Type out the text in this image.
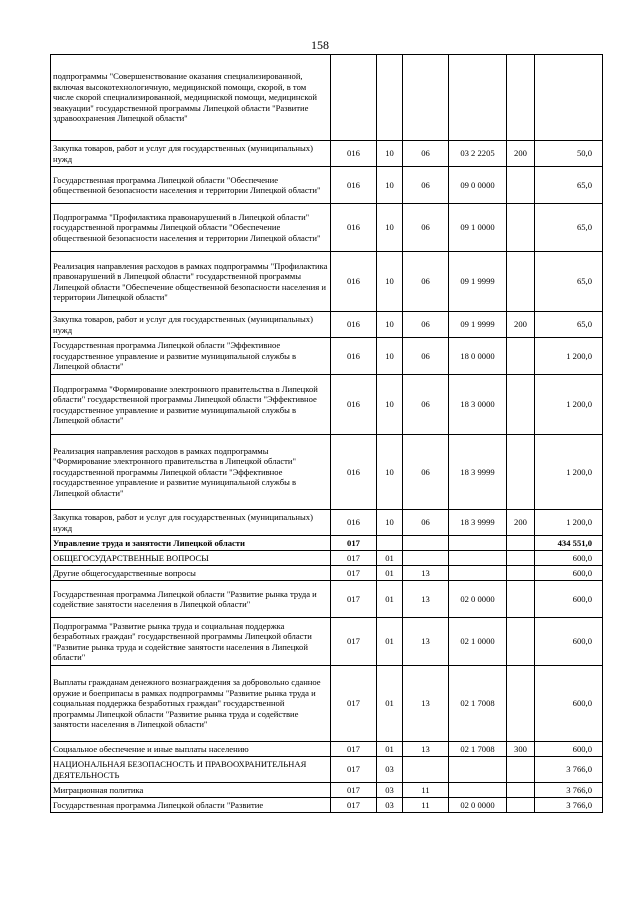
158
подпрограммы "Совершенствование оказания специализированной, включая высокотехнологичную, медицинской помощи, скорой, в том числе скорой специализированной, медицинской помощи, медицинской эвакуации" государственной программы Липецкой области "Развитие здравоохранения Липецкой области"						
Закупка товаров, работ и услуг для государственных (муниципальных) нужд	016	10	06	03 2 2205	200	50,0
Государственная программа Липецкой области "Обеспечение общественной безопасности населения и территории Липецкой области"	016	10	06	09 0 0000		65,0
Подпрограмма "Профилактика правонарушений в Липецкой области" государственной программы Липецкой области "Обеспечение общественной безопасности населения и территории Липецкой области"	016	10	06	09 1 0000		65,0
Реализация направления расходов в рамках подпрограммы "Профилактика правонарушений в Липецкой области" государственной программы Липецкой области "Обеспечение общественной безопасности населения и территории Липецкой области"	016	10	06	09 1 9999		65,0
Закупка товаров, работ и услуг для государственных (муниципальных) нужд	016	10	06	09 1 9999	200	65,0
Государственная программа Липецкой области "Эффективное государственное управление и развитие муниципальной службы в Липецкой области"	016	10	06	18 0 0000		1 200,0
Подпрограмма "Формирование электронного правительства в Липецкой области" государственной программы Липецкой области "Эффективное государственное управление и развитие муниципальной службы в Липецкой области"	016	10	06	18 3 0000		1 200,0
Реализация направления расходов в рамках подпрограммы "Формирование электронного правительства в Липецкой области" государственной программы Липецкой области "Эффективное государственное управление и развитие муниципальной службы в Липецкой области"	016	10	06	18 3 9999		1 200,0
Закупка товаров, работ и услуг для государственных (муниципальных) нужд	016	10	06	18 3 9999	200	1 200,0
Управление труда и занятости Липецкой области	017					434 551,0
ОБЩЕГОСУДАРСТВЕННЫЕ ВОПРОСЫ	017	01				600,0
Другие общегосударственные вопросы	017	01	13			600,0
Государственная программа Липецкой области "Развитие рынка труда и содействие занятости населения в Липецкой области"	017	01	13	02 0 0000		600,0
Подпрограмма "Развитие рынка труда и социальная поддержка безработных граждан" государственной программы Липецкой области "Развитие рынка труда и содействие занятости населения в Липецкой области"	017	01	13	02 1 0000		600,0
Выплаты гражданам денежного вознаграждения за добровольно сданное оружие и боеприпасы в рамках подпрограммы "Развитие рынка труда и социальная поддержка безработных граждан" государственной программы Липецкой области "Развитие рынка труда и содействие занятости населения в Липецкой области"	017	01	13	02 1 7008		600,0
Социальное обеспечение и иные выплаты населению	017	01	13	02 1 7008	300	600,0
НАЦИОНАЛЬНАЯ БЕЗОПАСНОСТЬ И ПРАВООХРАНИТЕЛЬНАЯ ДЕЯТЕЛЬНОСТЬ	017	03				3 766,0
Миграционная политика	017	03	11			3 766,0
Государственная программа Липецкой области "Развитие	017	03	11	02 0 0000		3 766,0
